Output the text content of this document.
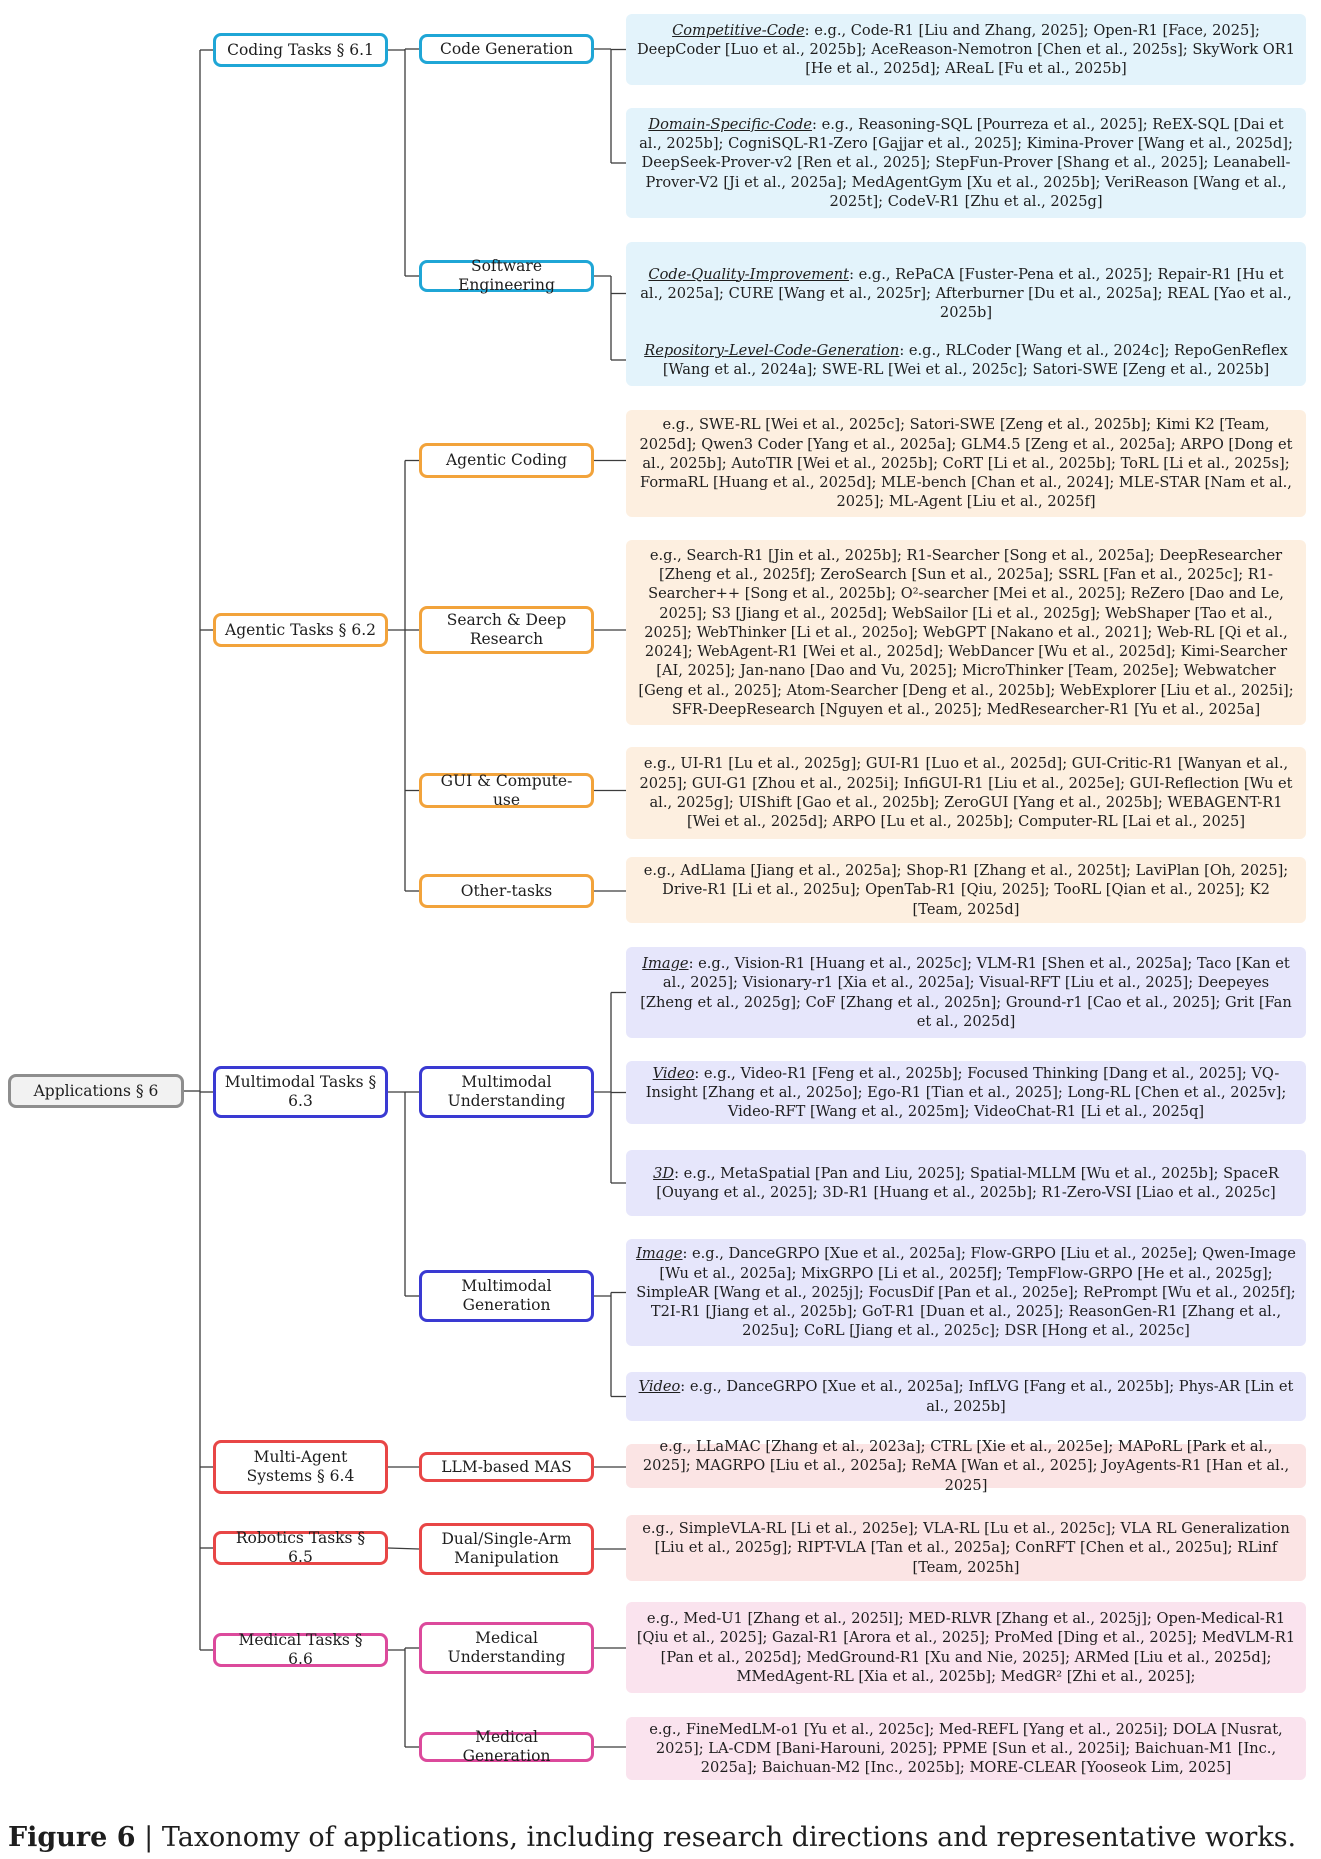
Applications § 6
Coding Tasks § 6.1	Code Generation
Competitive-Code: e.g., Code-R1 [Liu and Zhang, 2025]; Open-R1 [Face, 2025]; DeepCoder [Luo et al., 2025b]; AceReason-Nemotron [Chen et al., 2025s]; SkyWork OR1 [He et al., 2025d]; AReaL [Fu et al., 2025b]
Domain-Specific-Code: e.g., Reasoning-SQL [Pourreza et al., 2025]; ReEX-SQL [Dai et al., 2025b]; CogniSQL-R1-Zero [Gajjar et al., 2025]; Kimina-Prover [Wang et al., 2025d]; DeepSeek-Prover-v2 [Ren et al., 2025]; StepFun-Prover [Shang et al., 2025]; Leanabell-Prover-V2 [Ji et al., 2025a]; MedAgentGym [Xu et al., 2025b]; VeriReason [Wang et al., 2025t]; CodeV-R1 [Zhu et al., 2025g]
Software Engineering
Code-Quality-Improvement: e.g., RePaCA [Fuster-Pena et al., 2025]; Repair-R1 [Hu et al., 2025a]; CURE [Wang et al., 2025r]; Afterburner [Du et al., 2025a]; REAL [Yao et al., 2025b]
Repository-Level-Code-Generation: e.g., RLCoder [Wang et al., 2024c]; RepoGenReflex [Wang et al., 2024a]; SWE-RL [Wei et al., 2025c]; Satori-SWE [Zeng et al., 2025b]
Agentic Tasks § 6.2
Agentic Coding
e.g., SWE-RL [Wei et al., 2025c]; Satori-SWE [Zeng et al., 2025b]; Kimi K2 [Team, 2025d]; Qwen3 Coder [Yang et al., 2025a]; GLM4.5 [Zeng et al., 2025a]; ARPO [Dong et al., 2025b]; AutoTIR [Wei et al., 2025b]; CoRT [Li et al., 2025b]; ToRL [Li et al., 2025s]; FormaRL [Huang et al., 2025d]; MLE-bench [Chan et al., 2024]; MLE-STAR [Nam et al., 2025]; ML-Agent [Liu et al., 2025f]
Search & Deep Research
e.g., Search-R1 [Jin et al., 2025b]; R1-Searcher [Song et al., 2025a]; DeepResearcher [Zheng et al., 2025f]; ZeroSearch [Sun et al., 2025a]; SSRL [Fan et al., 2025c]; R1-Searcher++ [Song et al., 2025b]; O²-searcher [Mei et al., 2025]; ReZero [Dao and Le, 2025]; S3 [Jiang et al., 2025d]; WebSailor [Li et al., 2025g]; WebShaper [Tao et al., 2025]; WebThinker [Li et al., 2025o]; WebGPT [Nakano et al., 2021]; Web-RL [Qi et al., 2024]; WebAgent-R1 [Wei et al., 2025d]; WebDancer [Wu et al., 2025d]; Kimi-Searcher [AI, 2025]; Jan-nano [Dao and Vu, 2025]; MicroThinker [Team, 2025e]; Webwatcher [Geng et al., 2025]; Atom-Searcher [Deng et al., 2025b]; WebExplorer [Liu et al., 2025i]; SFR-DeepResearch [Nguyen et al., 2025]; MedResearcher-R1 [Yu et al., 2025a]
GUI & Compute-use
e.g., UI-R1 [Lu et al., 2025g]; GUI-R1 [Luo et al., 2025d]; GUI-Critic-R1 [Wanyan et al., 2025]; GUI-G1 [Zhou et al., 2025i]; InfiGUI-R1 [Liu et al., 2025e]; GUI-Reflection [Wu et al., 2025g]; UIShift [Gao et al., 2025b]; ZeroGUI [Yang et al., 2025b]; WEBAGENT-R1 [Wei et al., 2025d]; ARPO [Lu et al., 2025b]; Computer-RL [Lai et al., 2025]
Other-tasks
e.g., AdLlama [Jiang et al., 2025a]; Shop-R1 [Zhang et al., 2025t]; LaviPlan [Oh, 2025]; Drive-R1 [Li et al., 2025u]; OpenTab-R1 [Qiu, 2025]; TooRL [Qian et al., 2025]; K2 [Team, 2025d]
Multimodal Tasks § 6.3
Multimodal Understanding
Image: e.g., Vision-R1 [Huang et al., 2025c]; VLM-R1 [Shen et al., 2025a]; Taco [Kan et al., 2025]; Visionary-r1 [Xia et al., 2025a]; Visual-RFT [Liu et al., 2025]; Deepeyes [Zheng et al., 2025g]; CoF [Zhang et al., 2025n]; Ground-r1 [Cao et al., 2025]; Grit [Fan et al., 2025d]
Video: e.g., Video-R1 [Feng et al., 2025b]; Focused Thinking [Dang et al., 2025]; VQ-Insight [Zhang et al., 2025o]; Ego-R1 [Tian et al., 2025]; Long-RL [Chen et al., 2025v]; Video-RFT [Wang et al., 2025m]; VideoChat-R1 [Li et al., 2025q]
3D: e.g., MetaSpatial [Pan and Liu, 2025]; Spatial-MLLM [Wu et al., 2025b]; SpaceR [Ouyang et al., 2025]; 3D-R1 [Huang et al., 2025b]; R1-Zero-VSI [Liao et al., 2025c]
Multimodal Generation
Image: e.g., DanceGRPO [Xue et al., 2025a]; Flow-GRPO [Liu et al., 2025e]; Qwen-Image [Wu et al., 2025a]; MixGRPO [Li et al., 2025f]; TempFlow-GRPO [He et al., 2025g]; SimpleAR [Wang et al., 2025j]; FocusDif [Pan et al., 2025e]; RePrompt [Wu et al., 2025f]; T2I-R1 [Jiang et al., 2025b]; GoT-R1 [Duan et al., 2025]; ReasonGen-R1 [Zhang et al., 2025u]; CoRL [Jiang et al., 2025c]; DSR [Hong et al., 2025c]
Video: e.g., DanceGRPO [Xue et al., 2025a]; InfLVG [Fang et al., 2025b]; Phys-AR [Lin et al., 2025b]
Multi-Agent Systems § 6.4
LLM-based MAS
e.g., LLaMAC [Zhang et al., 2023a]; CTRL [Xie et al., 2025e]; MAPoRL [Park et al., 2025]; MAGRPO [Liu et al., 2025a]; ReMA [Wan et al., 2025]; JoyAgents-R1 [Han et al., 2025]
Robotics Tasks § 6.5
Dual/Single-Arm Manipulation
e.g., SimpleVLA-RL [Li et al., 2025e]; VLA-RL [Lu et al., 2025c]; VLA RL Generalization [Liu et al., 2025g]; RIPT-VLA [Tan et al., 2025a]; ConRFT [Chen et al., 2025u]; RLinf [Team, 2025h]
Medical Tasks § 6.6
Medical Understanding
e.g., Med-U1 [Zhang et al., 2025l]; MED-RLVR [Zhang et al., 2025j]; Open-Medical-R1 [Qiu et al., 2025]; Gazal-R1 [Arora et al., 2025]; ProMed [Ding et al., 2025]; MedVLM-R1 [Pan et al., 2025d]; MedGround-R1 [Xu and Nie, 2025]; ARMed [Liu et al., 2025d]; MMedAgent-RL [Xia et al., 2025b]; MedGR² [Zhi et al., 2025];
Medical Generation
e.g., FineMedLM-o1 [Yu et al., 2025c]; Med-REFL [Yang et al., 2025i]; DOLA [Nusrat, 2025]; LA-CDM [Bani-Harouni, 2025]; PPME [Sun et al., 2025i]; Baichuan-M1 [Inc., 2025a]; Baichuan-M2 [Inc., 2025b]; MORE-CLEAR [Yooseok Lim, 2025]
Figure 6 | Taxonomy of applications, including research directions and representative works.
